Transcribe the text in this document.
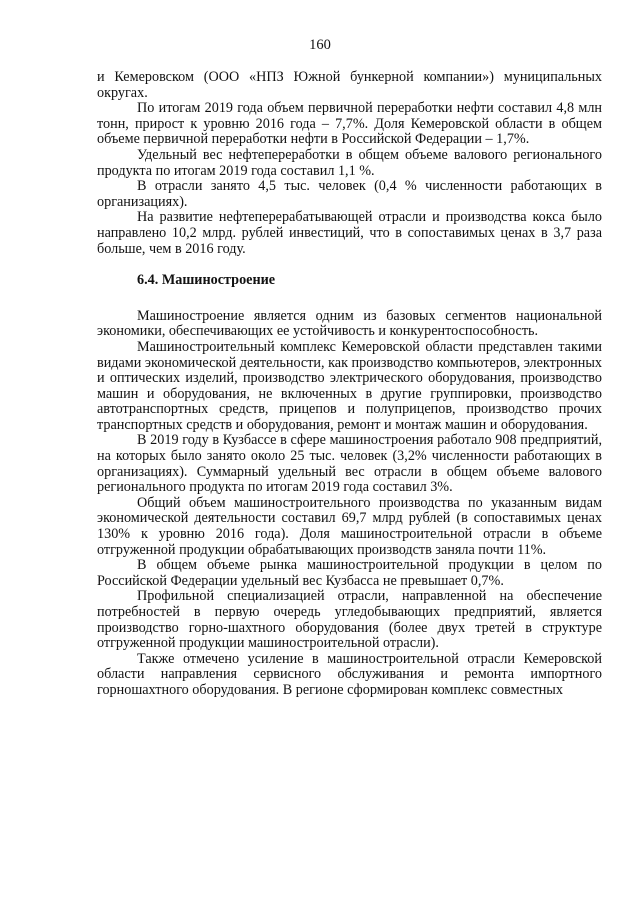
160

и Кемеровском (ООО «НПЗ Южной бункерной компании») муниципальных округах.

По итогам 2019 года объем первичной переработки нефти составил 4,8 млн тонн, прирост к уровню 2016 года – 7,7%. Доля Кемеровской области в общем объеме первичной переработки нефти в Российской Федерации – 1,7%.

Удельный вес нефтепереработки в общем объеме валового регионального продукта по итогам 2019 года составил 1,1 %.

В отрасли занято 4,5 тыс. человек (0,4 % численности работающих в организациях).

На развитие нефтеперерабатывающей отрасли и производства кокса было направлено 10,2 млрд. рублей инвестиций, что в сопоставимых ценах в 3,7 раза больше, чем в 2016 году.

6.4. Машиностроение

Машиностроение является одним из базовых сегментов национальной экономики, обеспечивающих ее устойчивость и конкурентоспособность.

Машиностроительный комплекс Кемеровской области представлен такими видами экономической деятельности, как производство компьютеров, электронных и оптических изделий, производство электрического оборудования, производство машин и оборудования, не включенных в другие группировки, производство автотранспортных средств, прицепов и полуприцепов, производство прочих транспортных средств и оборудования, ремонт и монтаж машин и оборудования.

В 2019 году в Кузбассе в сфере машиностроения работало 908 предприятий, на которых было занято около 25 тыс. человек (3,2% численности работающих в организациях). Суммарный удельный вес отрасли в общем объеме валового регионального продукта по итогам 2019 года составил 3%.

Общий объем машиностроительного производства по указанным видам экономической деятельности составил 69,7 млрд рублей (в сопоставимых ценах 130% к уровню 2016 года). Доля машиностроительной отрасли в объеме отгруженной продукции обрабатывающих производств заняла почти 11%.

В общем объеме рынка машиностроительной продукции в целом по Российской Федерации удельный вес Кузбасса не превышает 0,7%.

Профильной специализацией отрасли, направленной на обеспечение потребностей в первую очередь угледобывающих предприятий, является производство горно-шахтного оборудования (более двух третей в структуре отгруженной продукции машиностроительной отрасли).

Также отмечено усиление в машиностроительной отрасли Кемеровской области направления сервисного обслуживания и ремонта импортного горношахтного оборудования. В регионе сформирован комплекс совместных
